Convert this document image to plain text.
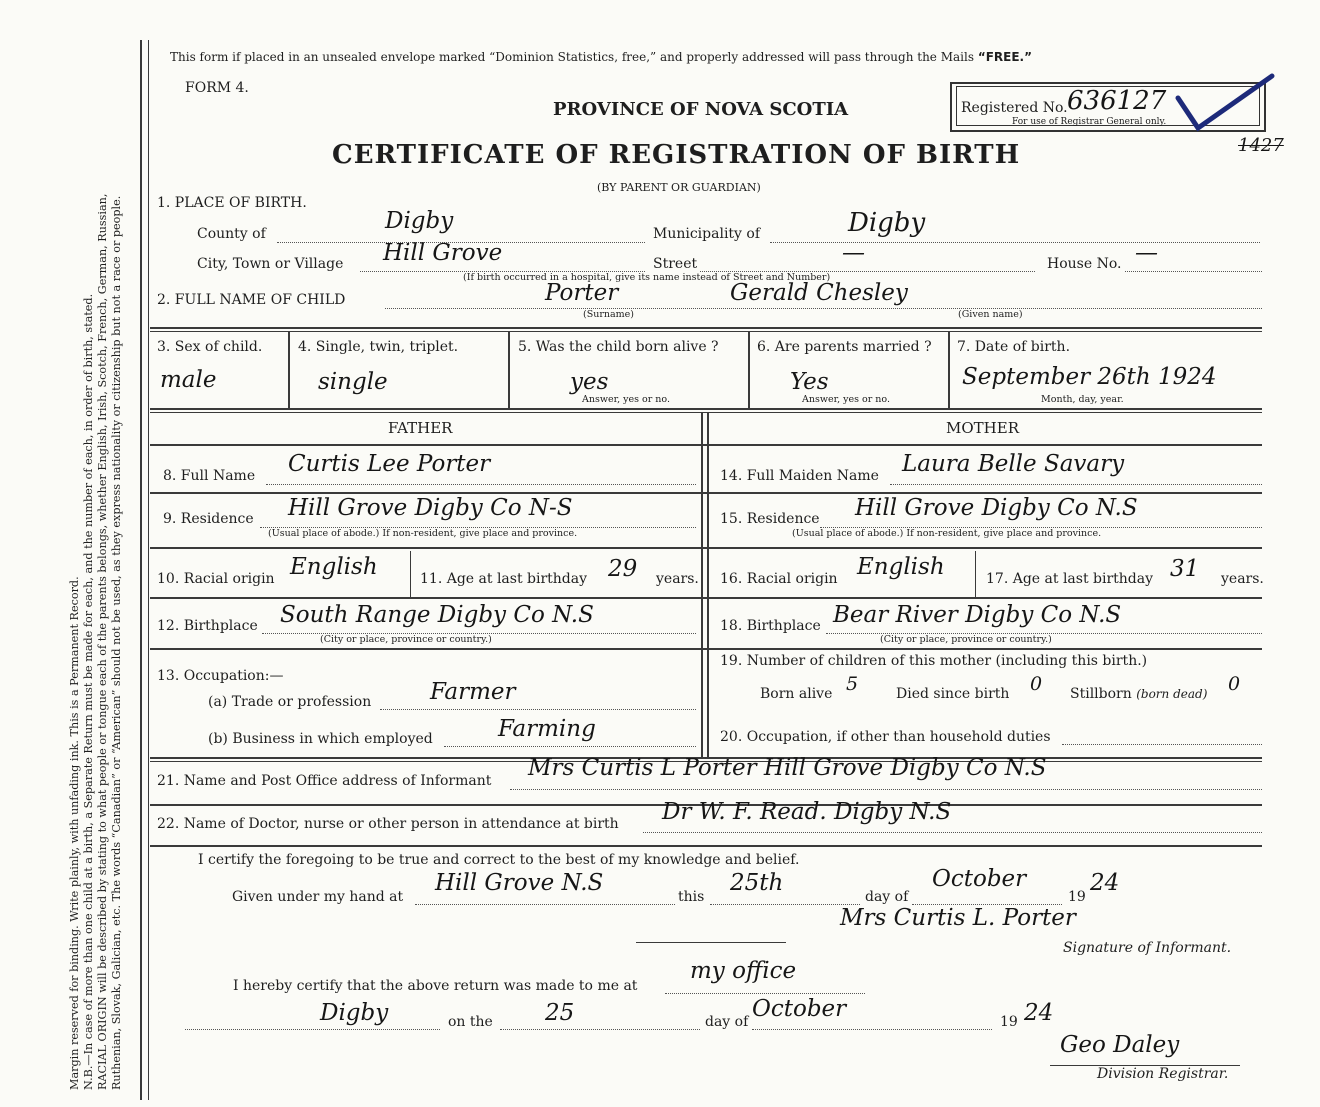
Margin reserved for binding. Write plainly, with unfading ink. This is a Permanent Record. N.B.—In case of more than one child at a birth, a Separate Return must be made for each, and the number of each, in order of birth, stated. RACIAL ORIGIN will be described by stating to what people or tongue each of the parents belongs, whether English, Irish, Scotch, French, German, Russian, Ruthenian, Slovak, Galician, etc. The words “Canadian” or “American” should not be used, as they express nationality or citizenship but not a race or people.
This form if placed in an unsealed envelope marked “Dominion Statistics, free,” and properly addressed will pass through the Mails “FREE.”
FORM 4.
PROVINCE OF NOVA SCOTIA
CERTIFICATE OF REGISTRATION OF BIRTH
(BY PARENT OR GUARDIAN)
Registered No. 636127
For use of Registrar General only.
1427
1. PLACE OF BIRTH.
County of	Digby	Municipality of	Digby
City, Town or Village Hill Grove	Street	—	House No. —
(If birth occurred in a hospital, give its name instead of Street and Number)
2. FULL NAME OF CHILD	Porter	Gerald Chesley
(Surname)	(Given name)
3. Sex of child.
male
4. Single, twin, triplet.
single
5. Was the child born alive ?
yes
Answer, yes or no.
6. Are parents married ?
Yes
Answer, yes or no.
7. Date of birth.
September 26th 1924
Month, day, year.
FATHER	MOTHER
8. Full Name Curtis Lee Porter
9. Residence Hill Grove Digby Co N-S
(Usual place of abode.) If non-resident, give place and province.
10. Racial origin English	11. Age at last birthday 29 years.
12. Birthplace South Range Digby Co N.S
(City or place, province or country.)
13. Occupation:—
(a) Trade or profession	Farmer
(b) Business in which employed	Farming
14. Full Maiden Name Laura Belle Savary
15. Residence Hill Grove Digby Co N.S
(Usual place of abode.) If non-resident, give place and province.
16. Racial origin English	17. Age at last birthday 31 years.
18. Birthplace Bear River Digby Co N.S
(City or place, province or country.)
19. Number of children of this mother (including this birth.)
Born alive 5	Died since birth 0 Stillborn (born dead) 0
20. Occupation, if other than household duties
21. Name and Post Office address of Informant Mrs Curtis L Porter Hill Grove Digby Co N.S
22. Name of Doctor, nurse or other person in attendance at birth Dr W. F. Read. Digby N.S
I certify the foregoing to be true and correct to the best of my knowledge and belief.
Given under my hand at
Hill Grove N.S
this
25th
day of
October
19
24
Mrs Curtis L. Porter
Signature of Informant.
I hereby certify that the above return was made to me at
my office
Digby	on the 25	day of October	19 24
Geo Daley
Division Registrar.
